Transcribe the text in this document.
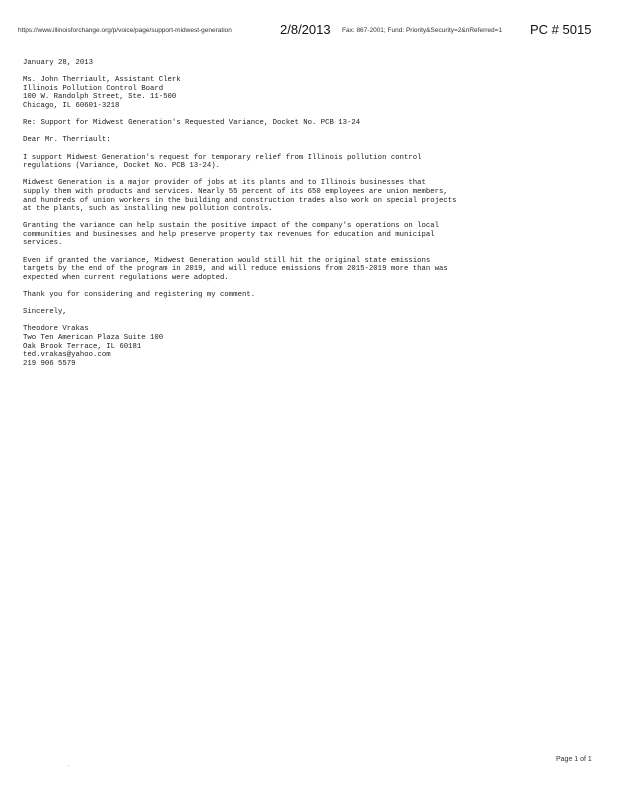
https://www.illinoisforchange.org/p/voice/page/support-midwest-generation	2/8/2013 Fax: 867-2001; Fund: Priority&Security=2&nReferred=1 PC # 5015

January 28, 2013

Ms. John Therriault, Assistant Clerk
Illinois Pollution Control Board
100 W. Randolph Street, Ste. 11-500
Chicago, IL 60601-3218

Re: Support for Midwest Generation's Requested Variance, Docket No. PCB 13-24

Dear Mr. Therriault:

I support Midwest Generation's request for temporary relief from Illinois pollution control
regulations (Variance, Docket No. PCB 13-24).

Midwest Generation is a major provider of jobs at its plants and to Illinois businesses that
supply them with products and services. Nearly 55 percent of its 650 employees are union members,
and hundreds of union workers in the building and construction trades also work on special projects
at the plants, such as installing new pollution controls.

Granting the variance can help sustain the positive impact of the company's operations on local
communities and businesses and help preserve property tax revenues for education and municipal
services.

Even if granted the variance, Midwest Generation would still hit the original state emissions
targets by the end of the program in 2019, and will reduce emissions from 2015-2019 more than was
expected when current regulations were adopted.

Thank you for considering and registering my comment.

Sincerely,

Theodore Vrakas
Two Ten American Plaza Suite 100
Oak Brook Terrace, IL 60181
ted.vrakas@yahoo.com
219 906 5579

.
Page 1 of 1
